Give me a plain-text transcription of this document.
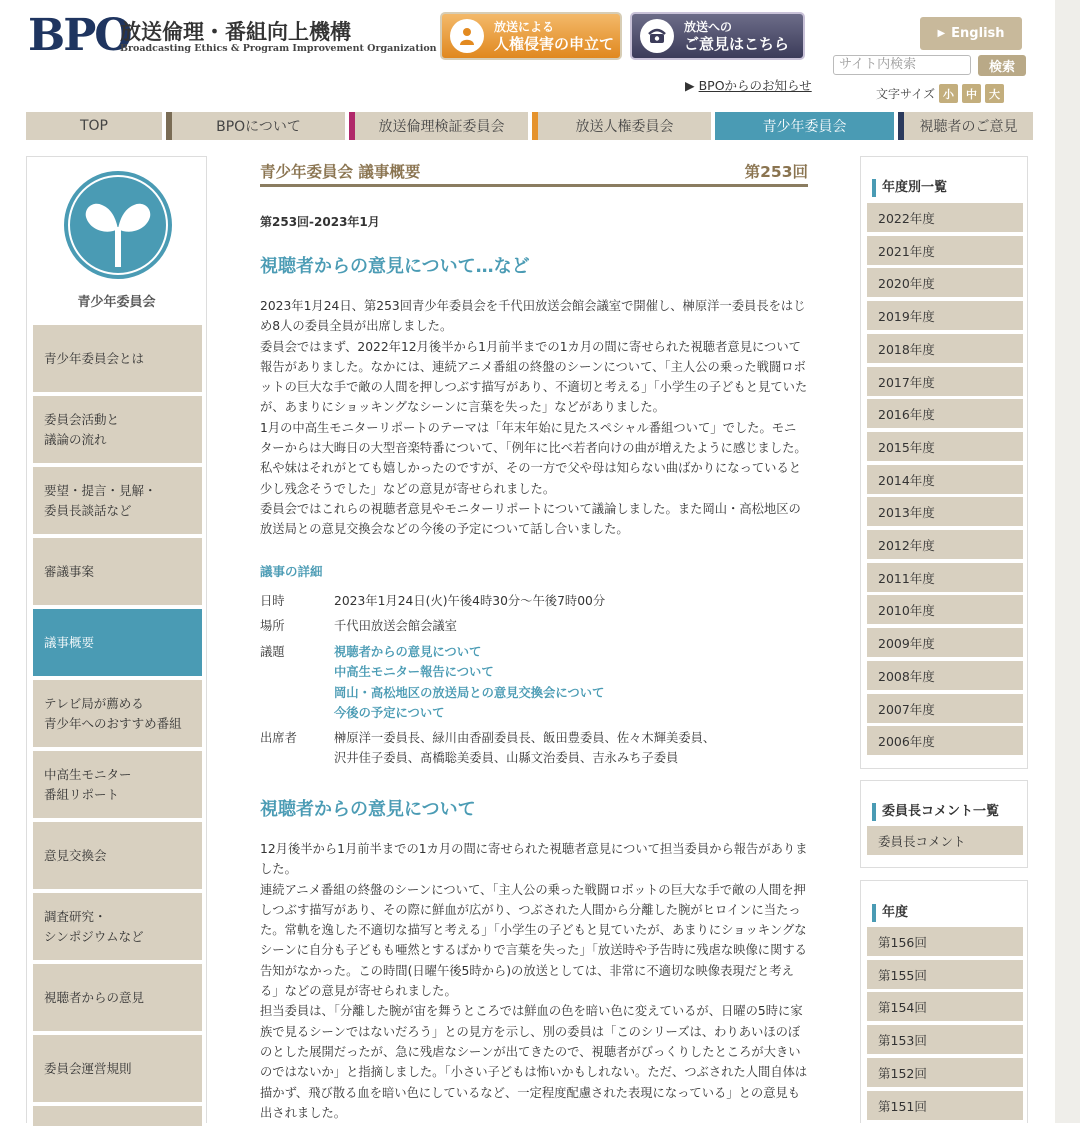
BPO
放送倫理・番組向上機構
Broadcasting Ethics & Program Improvement Organization
放送による
人権侵害の申立て
放送への
ご意見はこちら
▶ English
サイト内検索	検索
▶ BPOからのお知らせ
文字サイズ 小	中	大
TOP	BPOについて	放送倫理検証委員会	放送人権委員会	青少年委員会	視聴者のご意見
青少年委員会
青少年委員会とは
委員会活動と
議論の流れ
要望・提言・見解・
委員長談話など
審議事案
議事概要
テレビ局が薦める
青少年へのおすすめ番組
中高生モニター
番組リポート
意見交換会
調査研究・
シンポジウムなど
視聴者からの意見
委員会運営規則
青少年委員会 議事概要	第253回
第253回-2023年1月
視聴者からの意見について…など

2023年1月24日、第253回青少年委員会を千代田放送会館会議室で開催し、榊原洋一委員長をはじめ8人の委員全員が出席しました。

委員会ではまず、2022年12月後半から1月前半までの1カ月の間に寄せられた視聴者意見について報告がありました。なかには、連続アニメ番組の終盤のシーンについて、「主人公の乗った戦闘ロボットの巨大な手で敵の人間を押しつぶす描写があり、不適切と考える」「小学生の子どもと見ていたが、あまりにショッキングなシーンに言葉を失った」などがありました。

1月の中高生モニターリポートのテーマは「年末年始に見たスペシャル番組ついて」でした。モニターからは大晦日の大型音楽特番について、「例年に比べ若者向けの曲が増えたように感じました。私や妹はそれがとても嬉しかったのですが、その一方で父や母は知らない曲ばかりになっていると少し残念そうでした」などの意見が寄せられました。

委員会ではこれらの視聴者意見やモニターリポートについて議論しました。また岡山・高松地区の放送局との意見交換会などの今後の予定について話し合いました。

議事の詳細
日時	2023年1月24日(火)午後4時30分～午後7時00分
場所	千代田放送会館会議室
議題	視聴者からの意見について
中高生モニター報告について
岡山・高松地区の放送局との意見交換会について
今後の予定について
出席者	榊原洋一委員長、緑川由香副委員長、飯田豊委員、佐々木輝美委員、
沢井佳子委員、髙橋聡美委員、山縣文治委員、吉永みち子委員
視聴者からの意見について

12月後半から1月前半までの1カ月の間に寄せられた視聴者意見について担当委員から報告がありました。

連続アニメ番組の終盤のシーンについて、「主人公の乗った戦闘ロボットの巨大な手で敵の人間を押しつぶす描写があり、その際に鮮血が広がり、つぶされた人間から分離した腕がヒロインに当たった。常軌を逸した不適切な描写と考える」「小学生の子どもと見ていたが、あまりにショッキングなシーンに自分も子どもも唖然とするばかりで言葉を失った」「放送時や予告時に残虐な映像に関する告知がなかった。この時間(日曜午後5時から)の放送としては、非常に不適切な映像表現だと考える」などの意見が寄せられました。

担当委員は、「分離した腕が宙を舞うところでは鮮血の色を暗い色に変えているが、日曜の5時に家族で見るシーンではないだろう」との見方を示し、別の委員は「このシリーズは、わりあいほのぼのとした展開だったが、急に残虐なシーンが出てきたので、視聴者がびっくりしたところが大きいのではないか」と指摘しました。「小さい子どもは怖いかもしれない。ただ、つぶされた人間自体は描かず、飛び散る血を暗い色にしているなど、一定程度配慮された表現になっている」との意見も出されました。

年度別一覧
2022年度
2021年度
2020年度
2019年度
2018年度
2017年度
2016年度
2015年度
2014年度
2013年度
2012年度
2011年度
2010年度
2009年度
2008年度
2007年度
2006年度
委員長コメント一覧
委員長コメント
年度
第156回
第155回
第154回
第153回
第152回
第151回
